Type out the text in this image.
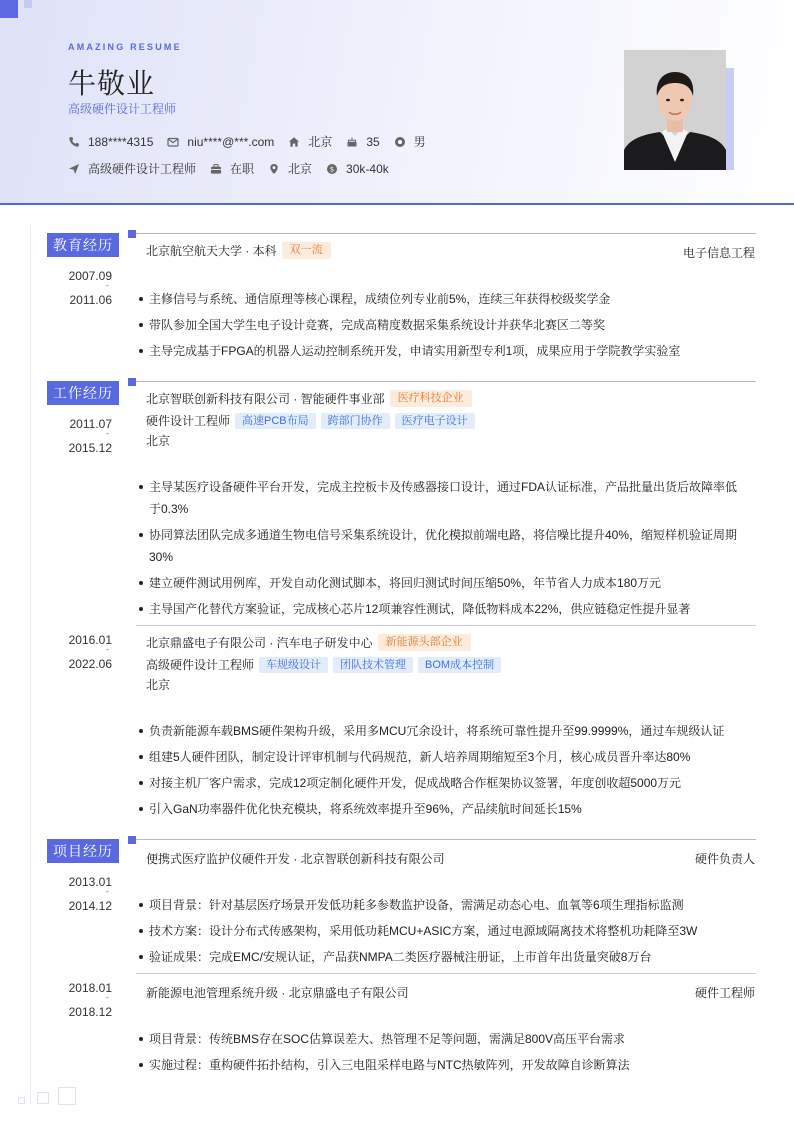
AMAZING RESUME
牛敬业
高级硬件设计工程师
188****4315	niu****@***.com	北京	35	男
高级硬件设计工程师	在职	北京	$ 30k-40k
教育经历
2007.09
-
2011.06
北京航空航天大学 · 本科	双一流	电子信息工程
主修信号与系统、通信原理等核心课程，成绩位列专业前5%，连续三年获得校级奖学金
带队参加全国大学生电子设计竞赛，完成高精度数据采集系统设计并获华北赛区二等奖
主导完成基于FPGA的机器人运动控制系统开发，申请实用新型专利1项，成果应用于学院教学实验室
工作经历
2011.07
-
2015.12
北京智联创新科技有限公司 · 智能硬件事业部	医疗科技企业
硬件设计工程师	高速PCB布局	跨部门协作	医疗电子设计
北京
主导某医疗设备硬件平台开发，完成主控板卡及传感器接口设计，通过FDA认证标准，产品批量出货后故障率低于0.3%
协同算法团队完成多通道生物电信号采集系统设计，优化模拟前端电路，将信噪比提升40%，缩短样机验证周期30%
建立硬件测试用例库，开发自动化测试脚本，将回归测试时间压缩50%，年节省人力成本180万元
主导国产化替代方案验证，完成核心芯片12项兼容性测试，降低物料成本22%，供应链稳定性提升显著
2016.01
-
2022.06
北京鼎盛电子有限公司 · 汽车电子研发中心	新能源头部企业
高级硬件设计工程师	车规级设计	团队技术管理	BOM成本控制
北京
负责新能源车载BMS硬件架构升级，采用多MCU冗余设计，将系统可靠性提升至99.9999%，通过车规级认证
组建5人硬件团队，制定设计评审机制与代码规范，新人培养周期缩短至3个月，核心成员晋升率达80%
对接主机厂客户需求，完成12项定制化硬件开发，促成战略合作框架协议签署，年度创收超5000万元
引入GaN功率器件优化快充模块，将系统效率提升至96%，产品续航时间延长15%
项目经历
2013.01
-
2014.12
便携式医疗监护仪硬件开发 · 北京智联创新科技有限公司	硬件负责人
项目背景：针对基层医疗场景开发低功耗多参数监护设备，需满足动态心电、血氧等6项生理指标监测
技术方案：设计分布式传感架构，采用低功耗MCU+ASIC方案，通过电源域隔离技术将整机功耗降至3W
验证成果：完成EMC/安规认证，产品获NMPA二类医疗器械注册证，上市首年出货量突破8万台
2018.01
-
2018.12
新能源电池管理系统升级 · 北京鼎盛电子有限公司	硬件工程师
项目背景：传统BMS存在SOC估算误差大、热管理不足等问题，需满足800V高压平台需求
实施过程：重构硬件拓扑结构，引入三电阻采样电路与NTC热敏阵列，开发故障自诊断算法
